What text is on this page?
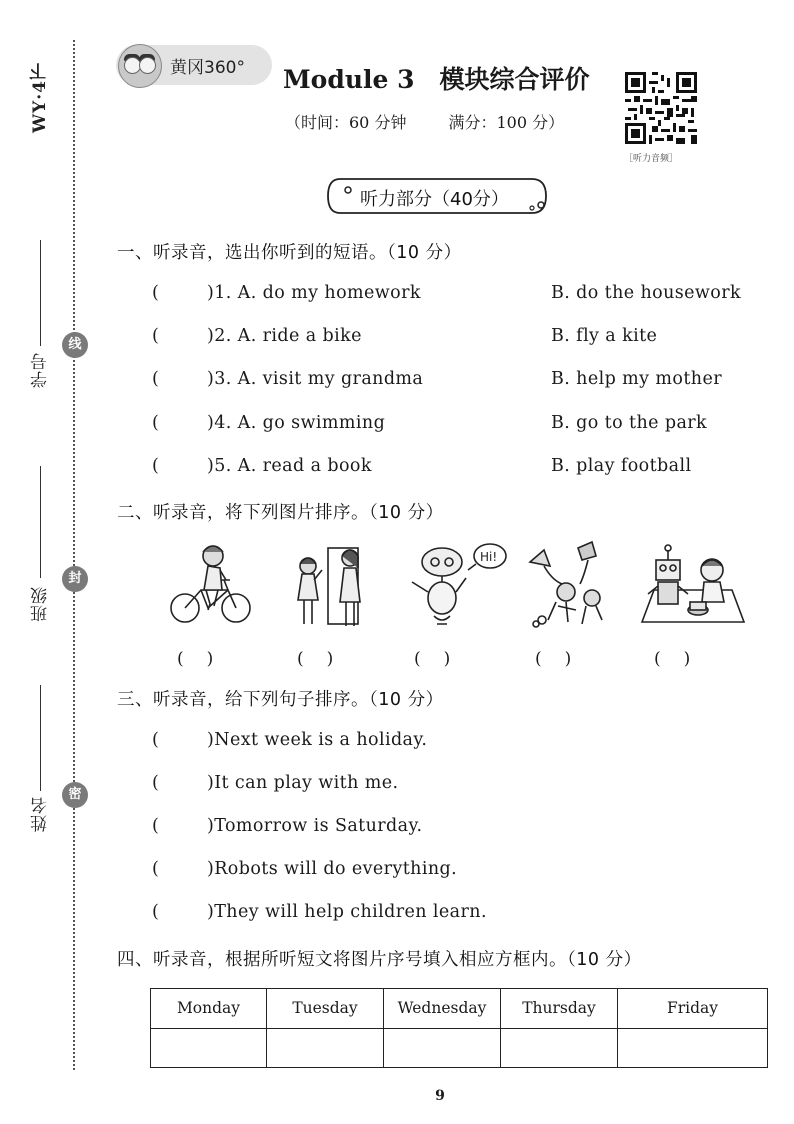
WY·4下
学号
线
班级
封
姓名
密
黄冈360° Module 3　模块综合评价
（时间：60 分钟	满分：100 分）
［听力音频］
听力部分（40分）
一、听录音，选出你听到的短语。（10 分）
(	)1. A. do my homework	B. do the housework
(	)2. A. ride a bike	B. fly a kite
(	)3. A. visit my grandma	B. help my mother
(	)4. A. go swimming	B. go to the park
(	)5. A. read a book	B. play football
二、听录音，将下列图片排序。（10 分）
Hi!
(　)	(　)	(　)	(　)	(　)
三、听录音，给下列句子排序。（10 分）
(	)Next week is a holiday.
(	)It can play with me.
(	)Tomorrow is Saturday.
(	)Robots will do everything.
(	)They will help children learn.
四、听录音，根据所听短文将图片序号填入相应方框内。（10 分）
Monday	Tuesday	Wednesday	Thursday	Friday

9
